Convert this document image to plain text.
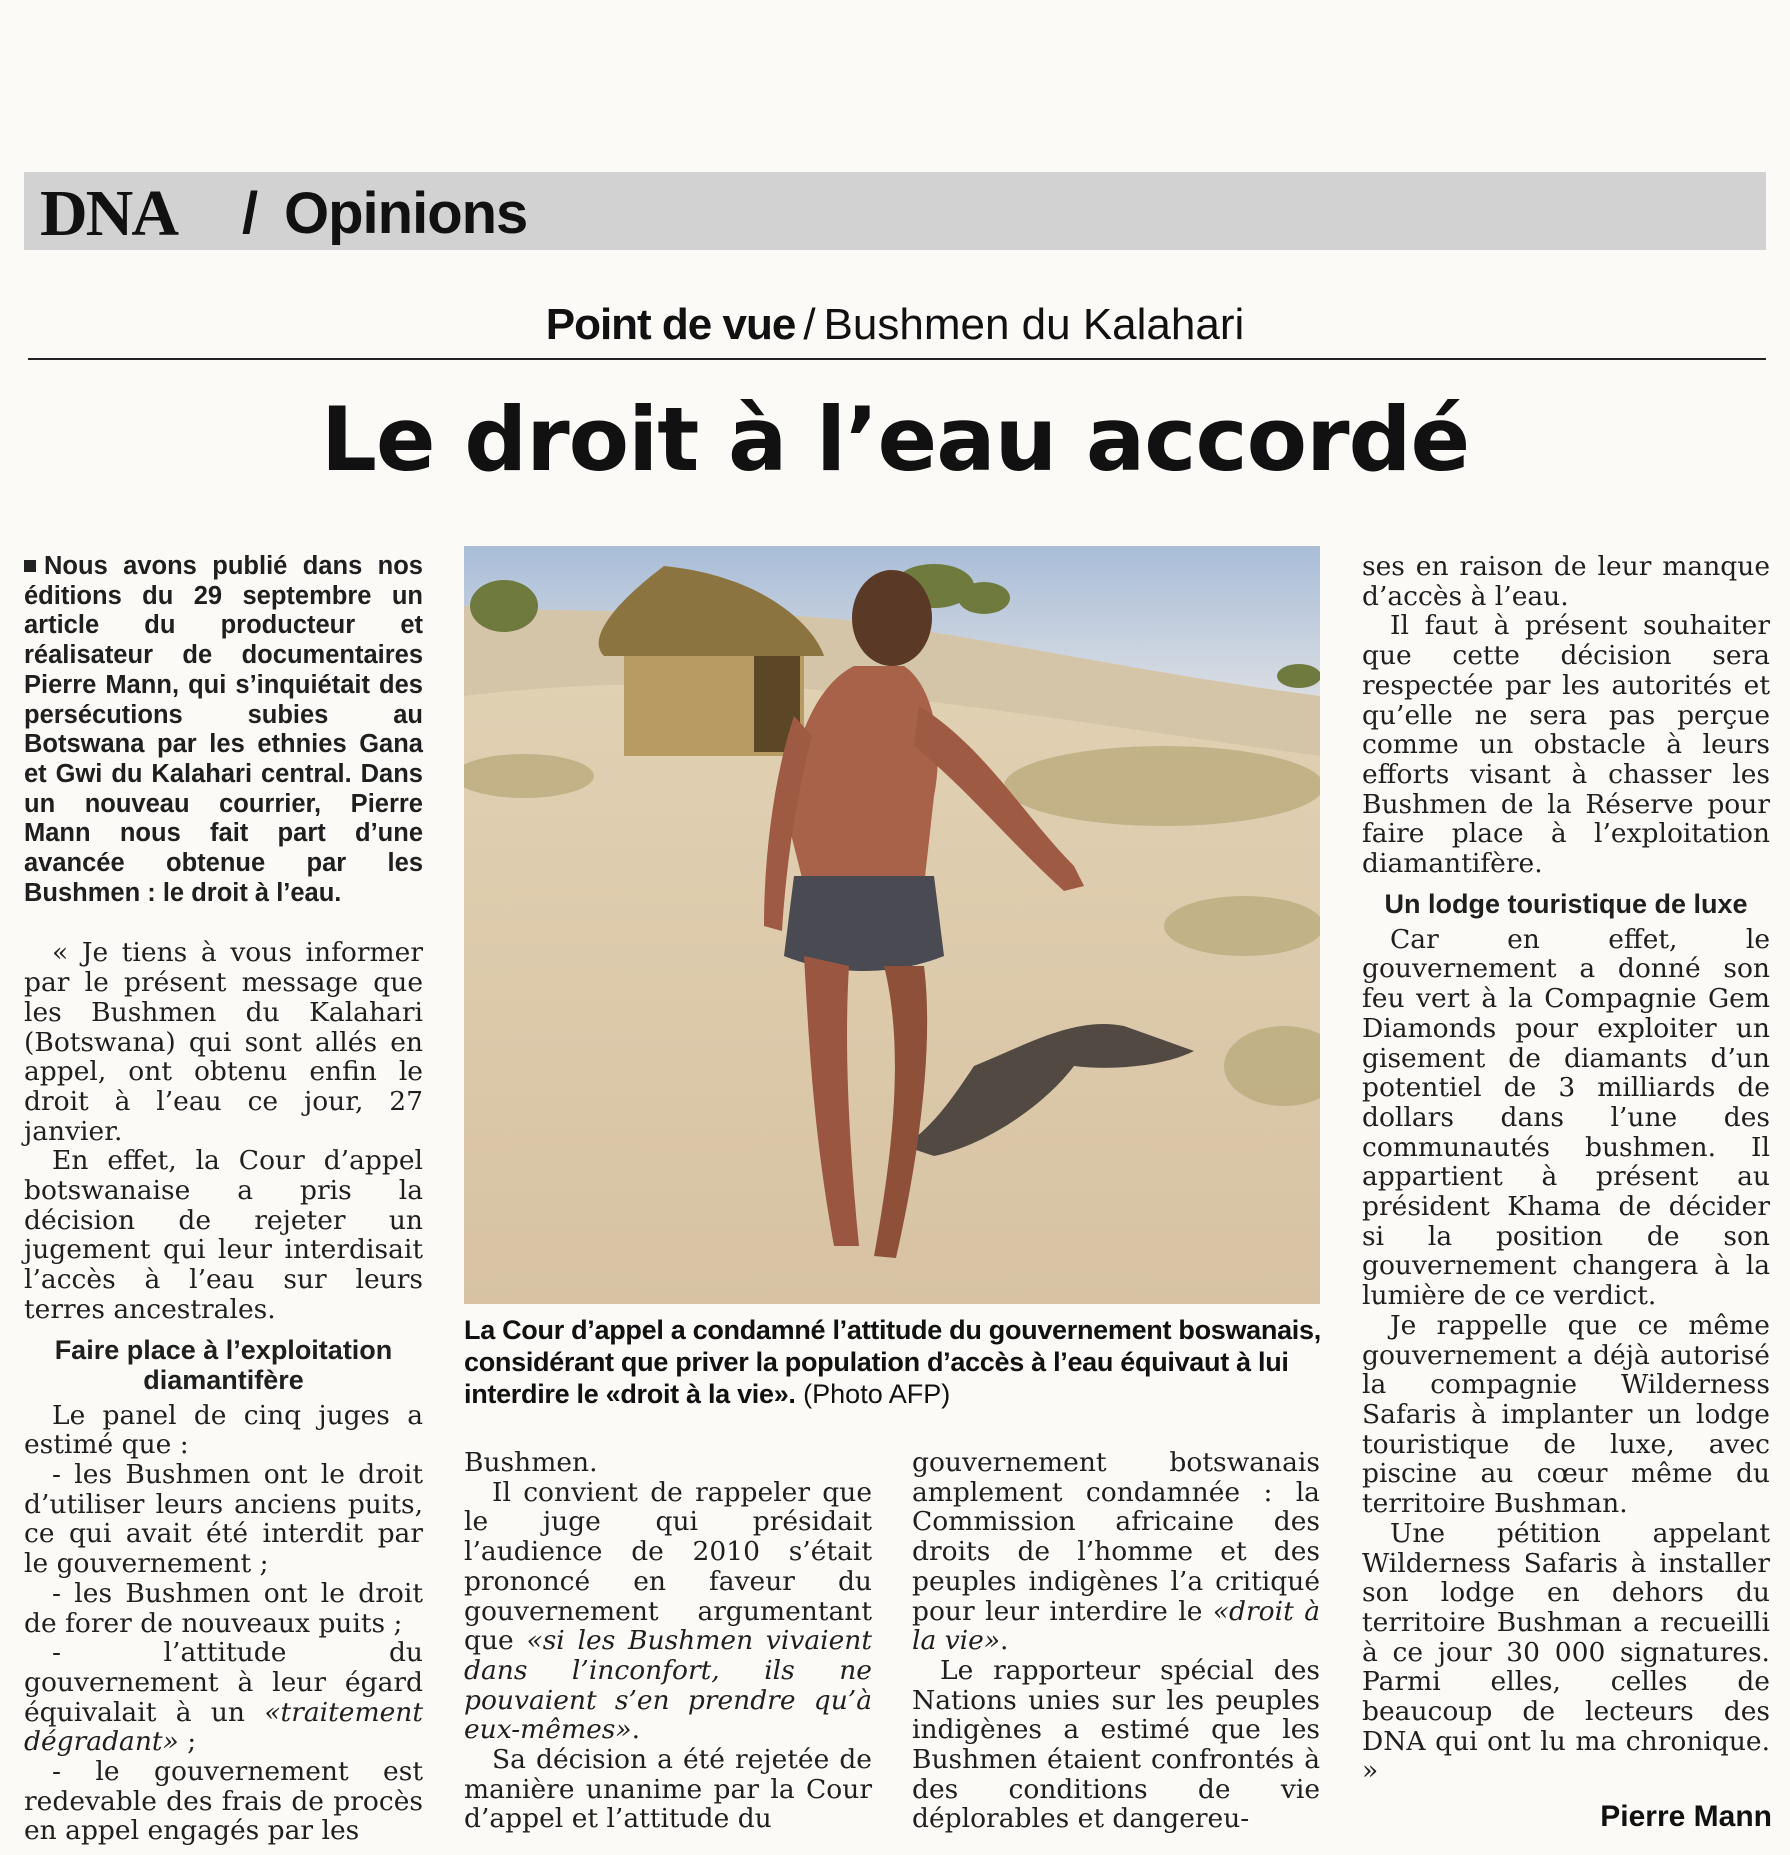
DNA / Opinions
Point de vue / Bushmen du Kalahari
Le droit à l’eau accordé

Nous avons publié dans nos éditions du 29 septembre un article du producteur et réalisateur de documentaires Pierre Mann, qui s’inquiétait des persécutions subies au Botswana par les ethnies Gana et Gwi du Kalahari central. Dans un nouveau courrier, Pierre Mann nous fait part d’une avancée obtenue par les Bushmen : le droit à l’eau.

« Je tiens à vous informer par le présent message que les Bushmen du Kalahari (Botswana) qui sont allés en appel, ont obtenu enfin le droit à l’eau ce jour, 27 janvier.

En effet, la Cour d’appel botswanaise a pris la décision de rejeter un jugement qui leur interdisait l’accès à l’eau sur leurs terres ancestrales.

Faire place à l’exploitation diamantifère

Le panel de cinq juges a estimé que :

- les Bushmen ont le droit d’utiliser leurs anciens puits, ce qui avait été interdit par le gouvernement ;

- les Bushmen ont le droit de forer de nouveaux puits ;

- l’attitude du gouvernement à leur égard équivalait à un «traitement dégradant» ;

- le gouvernement est redevable des frais de procès en appel engagés par les

La Cour d’appel a condamné l’attitude du gouvernement boswanais, considérant que priver la population d’accès à l’eau équivaut à lui interdire le «droit à la vie». (Photo AFP)

Bushmen.

Il convient de rappeler que le juge qui présidait l’audience de 2010 s’était prononcé en faveur du gouvernement argumentant que «si les Bushmen vivaient dans l’inconfort, ils ne pouvaient s’en prendre qu’à eux-mêmes».

Sa décision a été rejetée de manière unanime par la Cour d’appel et l’attitude du

gouvernement botswanais amplement condamnée : la Commission africaine des droits de l’homme et des peuples indigènes l’a critiqué pour leur interdire le «droit à la vie».

Le rapporteur spécial des Nations unies sur les peuples indigènes a estimé que les Bushmen étaient confrontés à des conditions de vie déplorables et dangereu-

ses en raison de leur manque d’accès à l’eau.

Il faut à présent souhaiter que cette décision sera respectée par les autorités et qu’elle ne sera pas perçue comme un obstacle à leurs efforts visant à chasser les Bushmen de la Réserve pour faire place à l’exploitation diamantifère.

Un lodge touristique de luxe

Car en effet, le gouvernement a donné son feu vert à la Compagnie Gem Diamonds pour exploiter un gisement de diamants d’un potentiel de 3 milliards de dollars dans l’une des communautés bushmen. Il appartient à présent au président Khama de décider si la position de son gouvernement changera à la lumière de ce verdict.

Je rappelle que ce même gouvernement a déjà autorisé la compagnie Wilderness Safaris à implanter un lodge touristique de luxe, avec piscine au cœur même du territoire Bushman.

Une pétition appelant Wilderness Safaris à installer son lodge en dehors du territoire Bushman a recueilli à ce jour 30 000 signatures. Parmi elles, celles de beaucoup de lecteurs des DNA qui ont lu ma chronique. »

Pierre Mann
